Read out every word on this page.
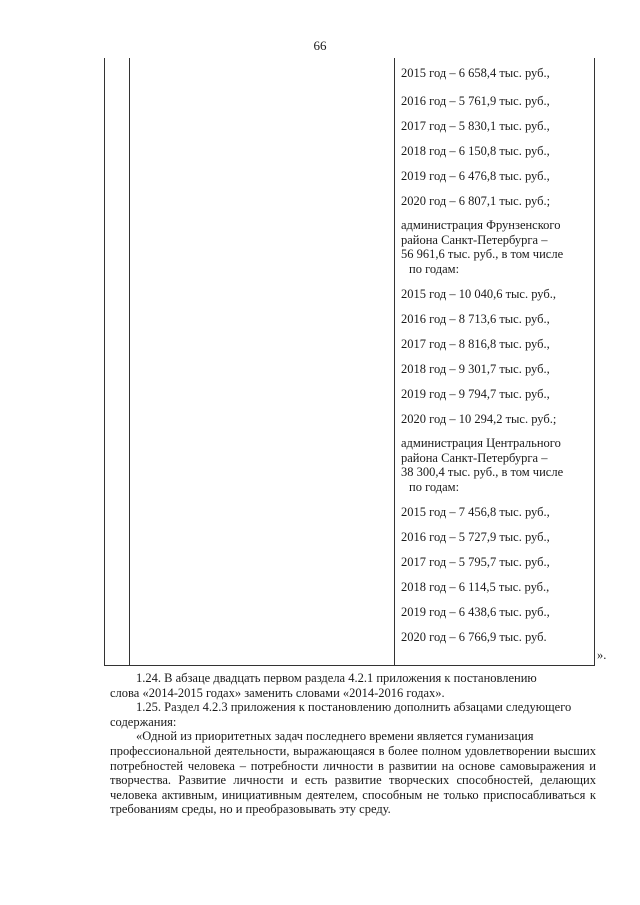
66
2015 год – 6 658,4 тыс. руб.,
2016 год – 5 761,9 тыс. руб.,
2017 год – 5 830,1 тыс. руб.,
2018 год – 6 150,8 тыс. руб.,
2019 год – 6 476,8 тыс. руб.,
2020 год – 6 807,1 тыс. руб.;
администрация Фрунзенского
района Санкт-Петербурга –
56 961,6 тыс. руб., в том числе
по годам:
2015 год – 10 040,6 тыс. руб.,
2016 год – 8 713,6 тыс. руб.,
2017 год – 8 816,8 тыс. руб.,
2018 год – 9 301,7 тыс. руб.,
2019 год – 9 794,7 тыс. руб.,
2020 год – 10 294,2 тыс. руб.;
администрация Центрального
района Санкт-Петербурга –
38 300,4 тыс. руб., в том числе
по годам:
2015 год – 7 456,8 тыс. руб.,
2016 год – 5 727,9 тыс. руб.,
2017 год – 5 795,7 тыс. руб.,
2018 год – 6 114,5 тыс. руб.,
2019 год – 6 438,6 тыс. руб.,
2020 год – 6 766,9 тыс. руб.
».

1.24. В абзаце двадцать первом раздела 4.2.1 приложения к постановлению

слова «2014-2015 годах» заменить словами «2014-2016 годах».

1.25. Раздел 4.2.3 приложения к постановлению дополнить абзацами следующего

содержания:

«Одной из приоритетных задач последнего времени является гуманизация

профессиональной деятельности, выражающаяся в более полном удовлетворении высших потребностей человека – потребности личности в развитии на основе самовыражения и творчества. Развитие личности и есть развитие творческих способностей, делающих человека активным, инициативным деятелем, способным не только приспосабливаться к требованиям среды, но и преобразовывать эту среду.
